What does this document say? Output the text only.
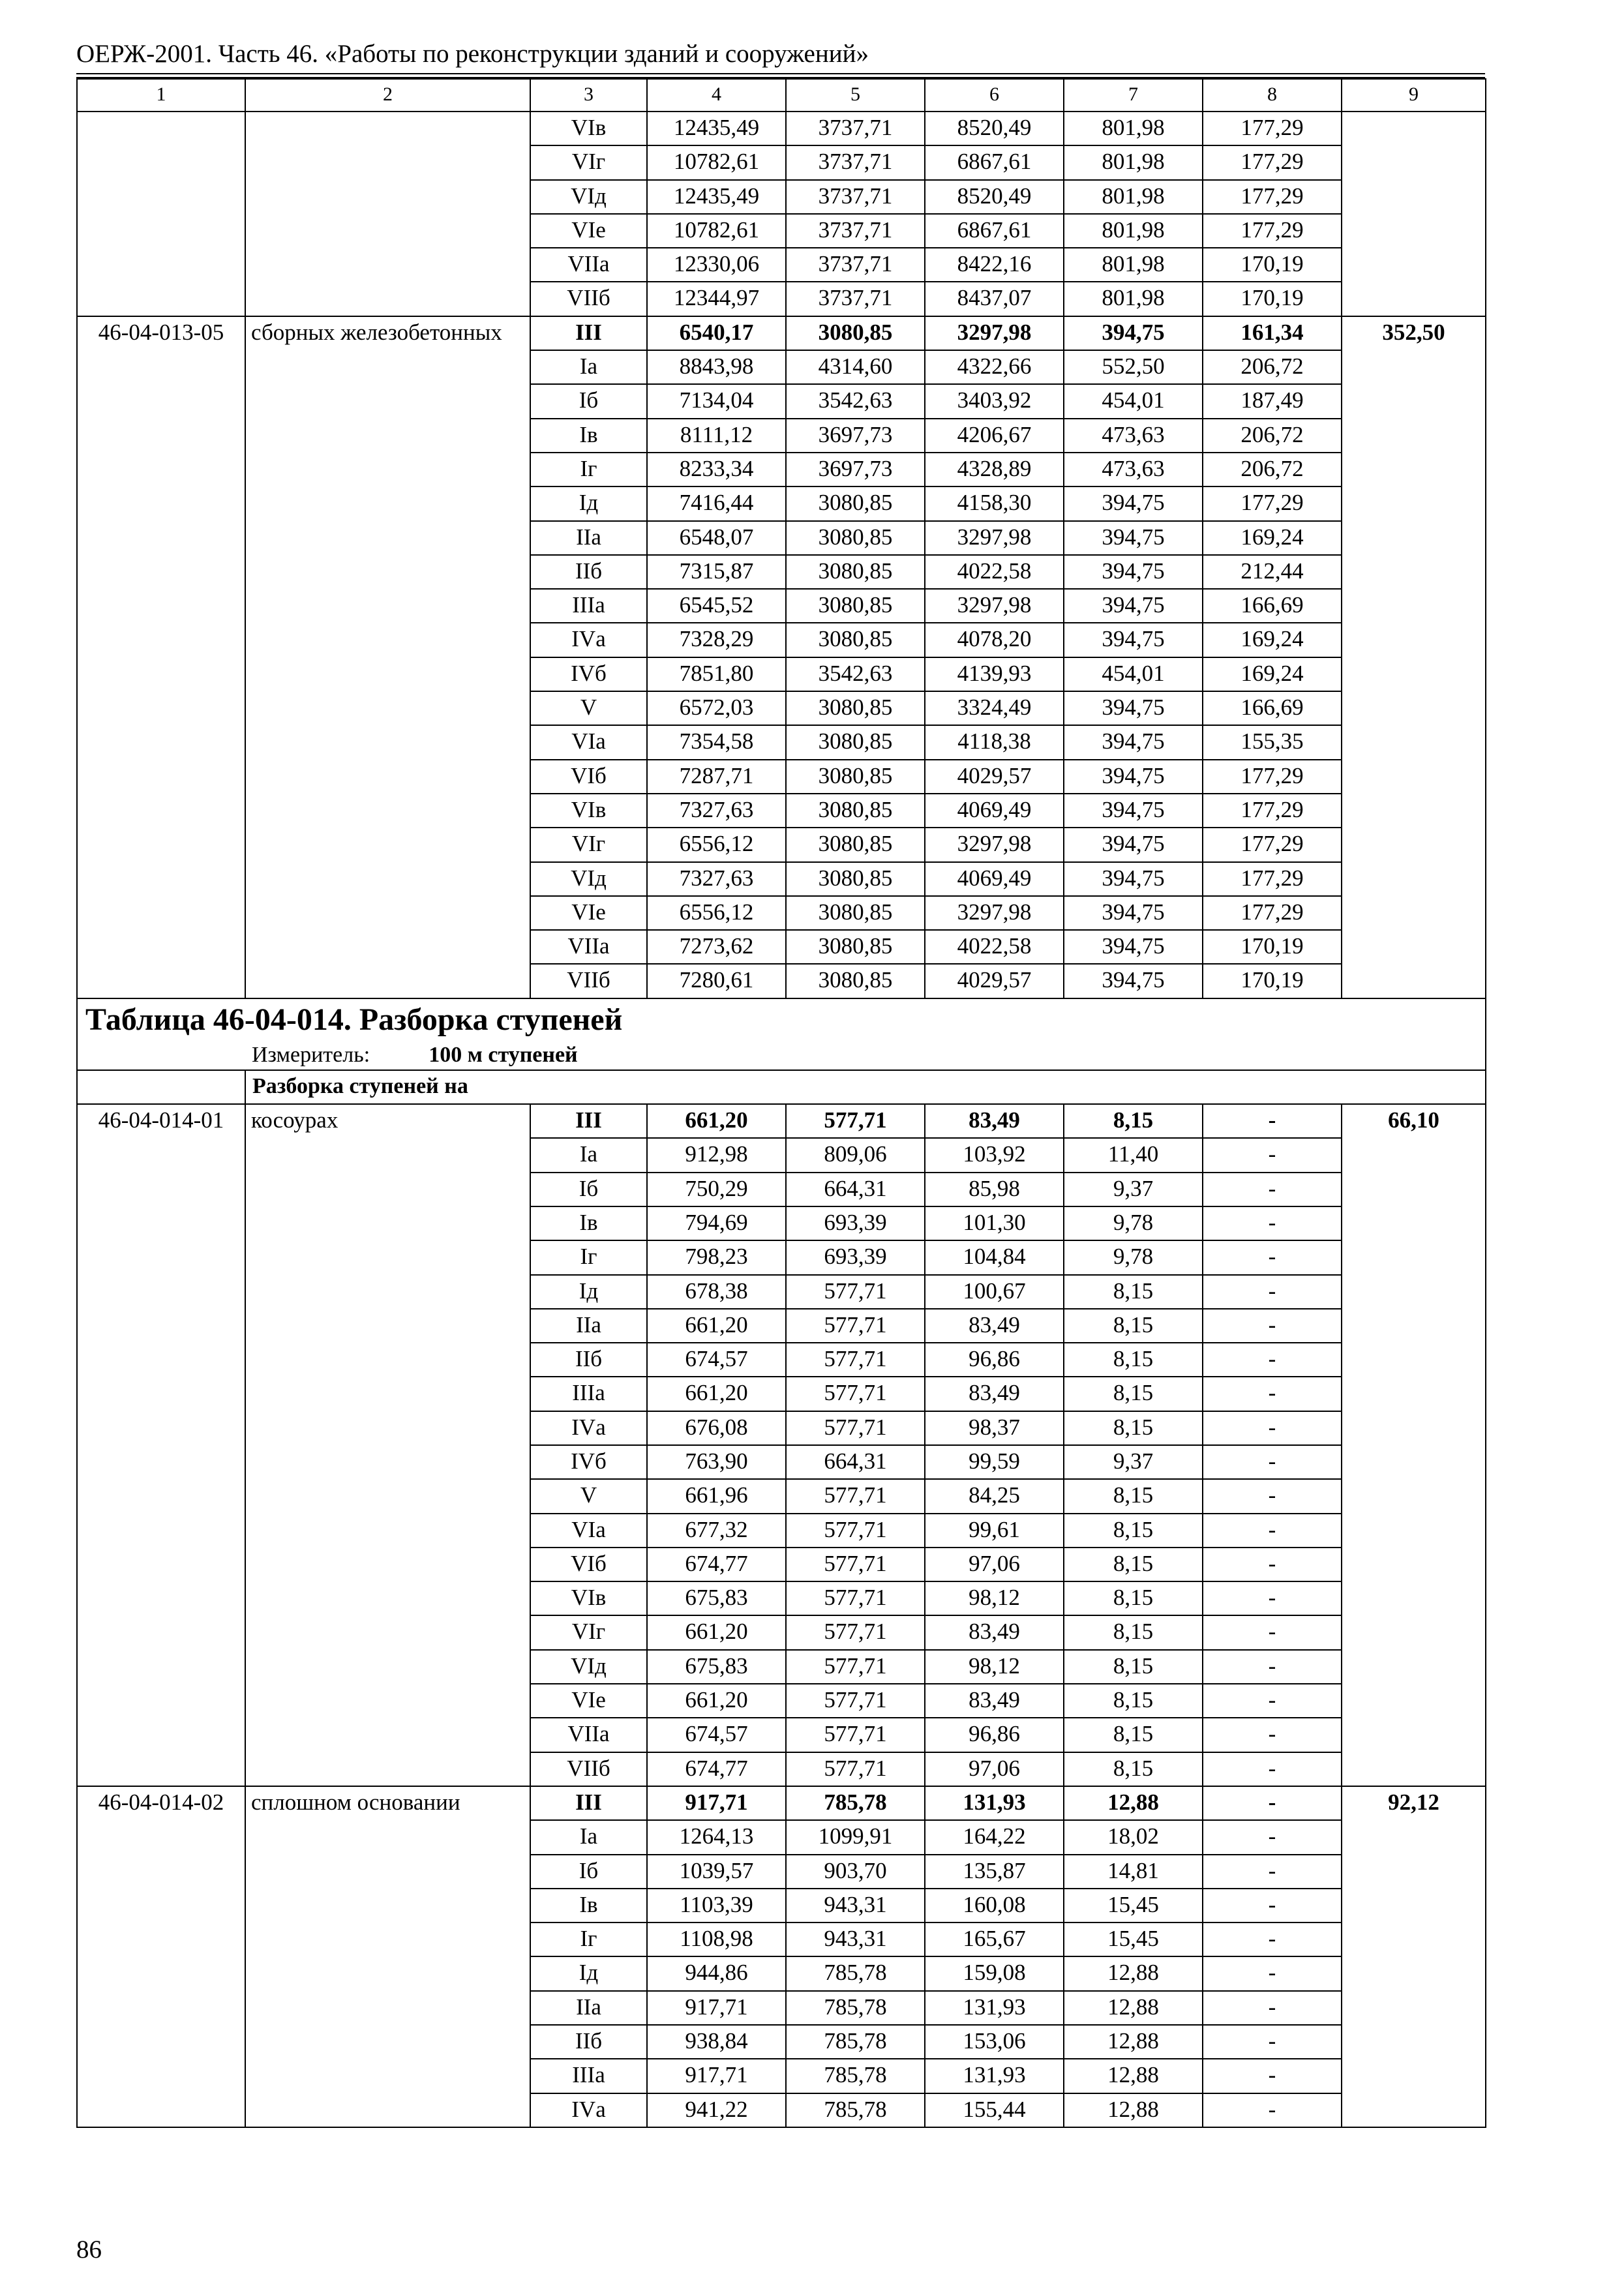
ОЕРЖ-2001. Часть 46. «Работы по реконструкции зданий и сооружений»
1	2	3	4	5	6	7	8	9
		VIв	12435,49	3737,71	8520,49	801,98	177,29	
		VIг	10782,61	3737,71	6867,61	801,98	177,29	
		VIд	12435,49	3737,71	8520,49	801,98	177,29	
		VIе	10782,61	3737,71	6867,61	801,98	177,29	
		VIIа	12330,06	3737,71	8422,16	801,98	170,19	
		VIIб	12344,97	3737,71	8437,07	801,98	170,19	
46-04-013-05	сборных железобетонных	III	6540,17	3080,85	3297,98	394,75	161,34	352,50
		Iа	8843,98	4314,60	4322,66	552,50	206,72	
		Iб	7134,04	3542,63	3403,92	454,01	187,49	
		Iв	8111,12	3697,73	4206,67	473,63	206,72	
		Iг	8233,34	3697,73	4328,89	473,63	206,72	
		Iд	7416,44	3080,85	4158,30	394,75	177,29	
		IIа	6548,07	3080,85	3297,98	394,75	169,24	
		IIб	7315,87	3080,85	4022,58	394,75	212,44	
		IIIа	6545,52	3080,85	3297,98	394,75	166,69	
		IVа	7328,29	3080,85	4078,20	394,75	169,24	
		IVб	7851,80	3542,63	4139,93	454,01	169,24	
		V	6572,03	3080,85	3324,49	394,75	166,69	
		VIа	7354,58	3080,85	4118,38	394,75	155,35	
		VIб	7287,71	3080,85	4029,57	394,75	177,29	
		VIв	7327,63	3080,85	4069,49	394,75	177,29	
		VIг	6556,12	3080,85	3297,98	394,75	177,29	
		VIд	7327,63	3080,85	4069,49	394,75	177,29	
		VIе	6556,12	3080,85	3297,98	394,75	177,29	
		VIIа	7273,62	3080,85	4022,58	394,75	170,19	
		VIIб	7280,61	3080,85	4029,57	394,75	170,19	

Таблица 46-04-014. Разборка ступеней
Измеритель: 100 м ступеней								

	Разборка ступеней на							
46-04-014-01	косоурах	III	661,20	577,71	83,49	8,15	-	66,10
		Iа	912,98	809,06	103,92	11,40	-	
		Iб	750,29	664,31	85,98	9,37	-	
		Iв	794,69	693,39	101,30	9,78	-	
		Iг	798,23	693,39	104,84	9,78	-	
		Iд	678,38	577,71	100,67	8,15	-	
		IIа	661,20	577,71	83,49	8,15	-	
		IIб	674,57	577,71	96,86	8,15	-	
		IIIа	661,20	577,71	83,49	8,15	-	
		IVа	676,08	577,71	98,37	8,15	-	
		IVб	763,90	664,31	99,59	9,37	-	
		V	661,96	577,71	84,25	8,15	-	
		VIа	677,32	577,71	99,61	8,15	-	
		VIб	674,77	577,71	97,06	8,15	-	
		VIв	675,83	577,71	98,12	8,15	-	
		VIг	661,20	577,71	83,49	8,15	-	
		VIд	675,83	577,71	98,12	8,15	-	
		VIе	661,20	577,71	83,49	8,15	-	
		VIIа	674,57	577,71	96,86	8,15	-	
		VIIб	674,77	577,71	97,06	8,15	-	
46-04-014-02	сплошном основании	III	917,71	785,78	131,93	12,88	-	92,12
		Iа	1264,13	1099,91	164,22	18,02	-	
		Iб	1039,57	903,70	135,87	14,81	-	
		Iв	1103,39	943,31	160,08	15,45	-	
		Iг	1108,98	943,31	165,67	15,45	-	
		Iд	944,86	785,78	159,08	12,88	-	
		IIа	917,71	785,78	131,93	12,88	-	
		IIб	938,84	785,78	153,06	12,88	-	
		IIIа	917,71	785,78	131,93	12,88	-	
		IVа	941,22	785,78	155,44	12,88	-	
86
